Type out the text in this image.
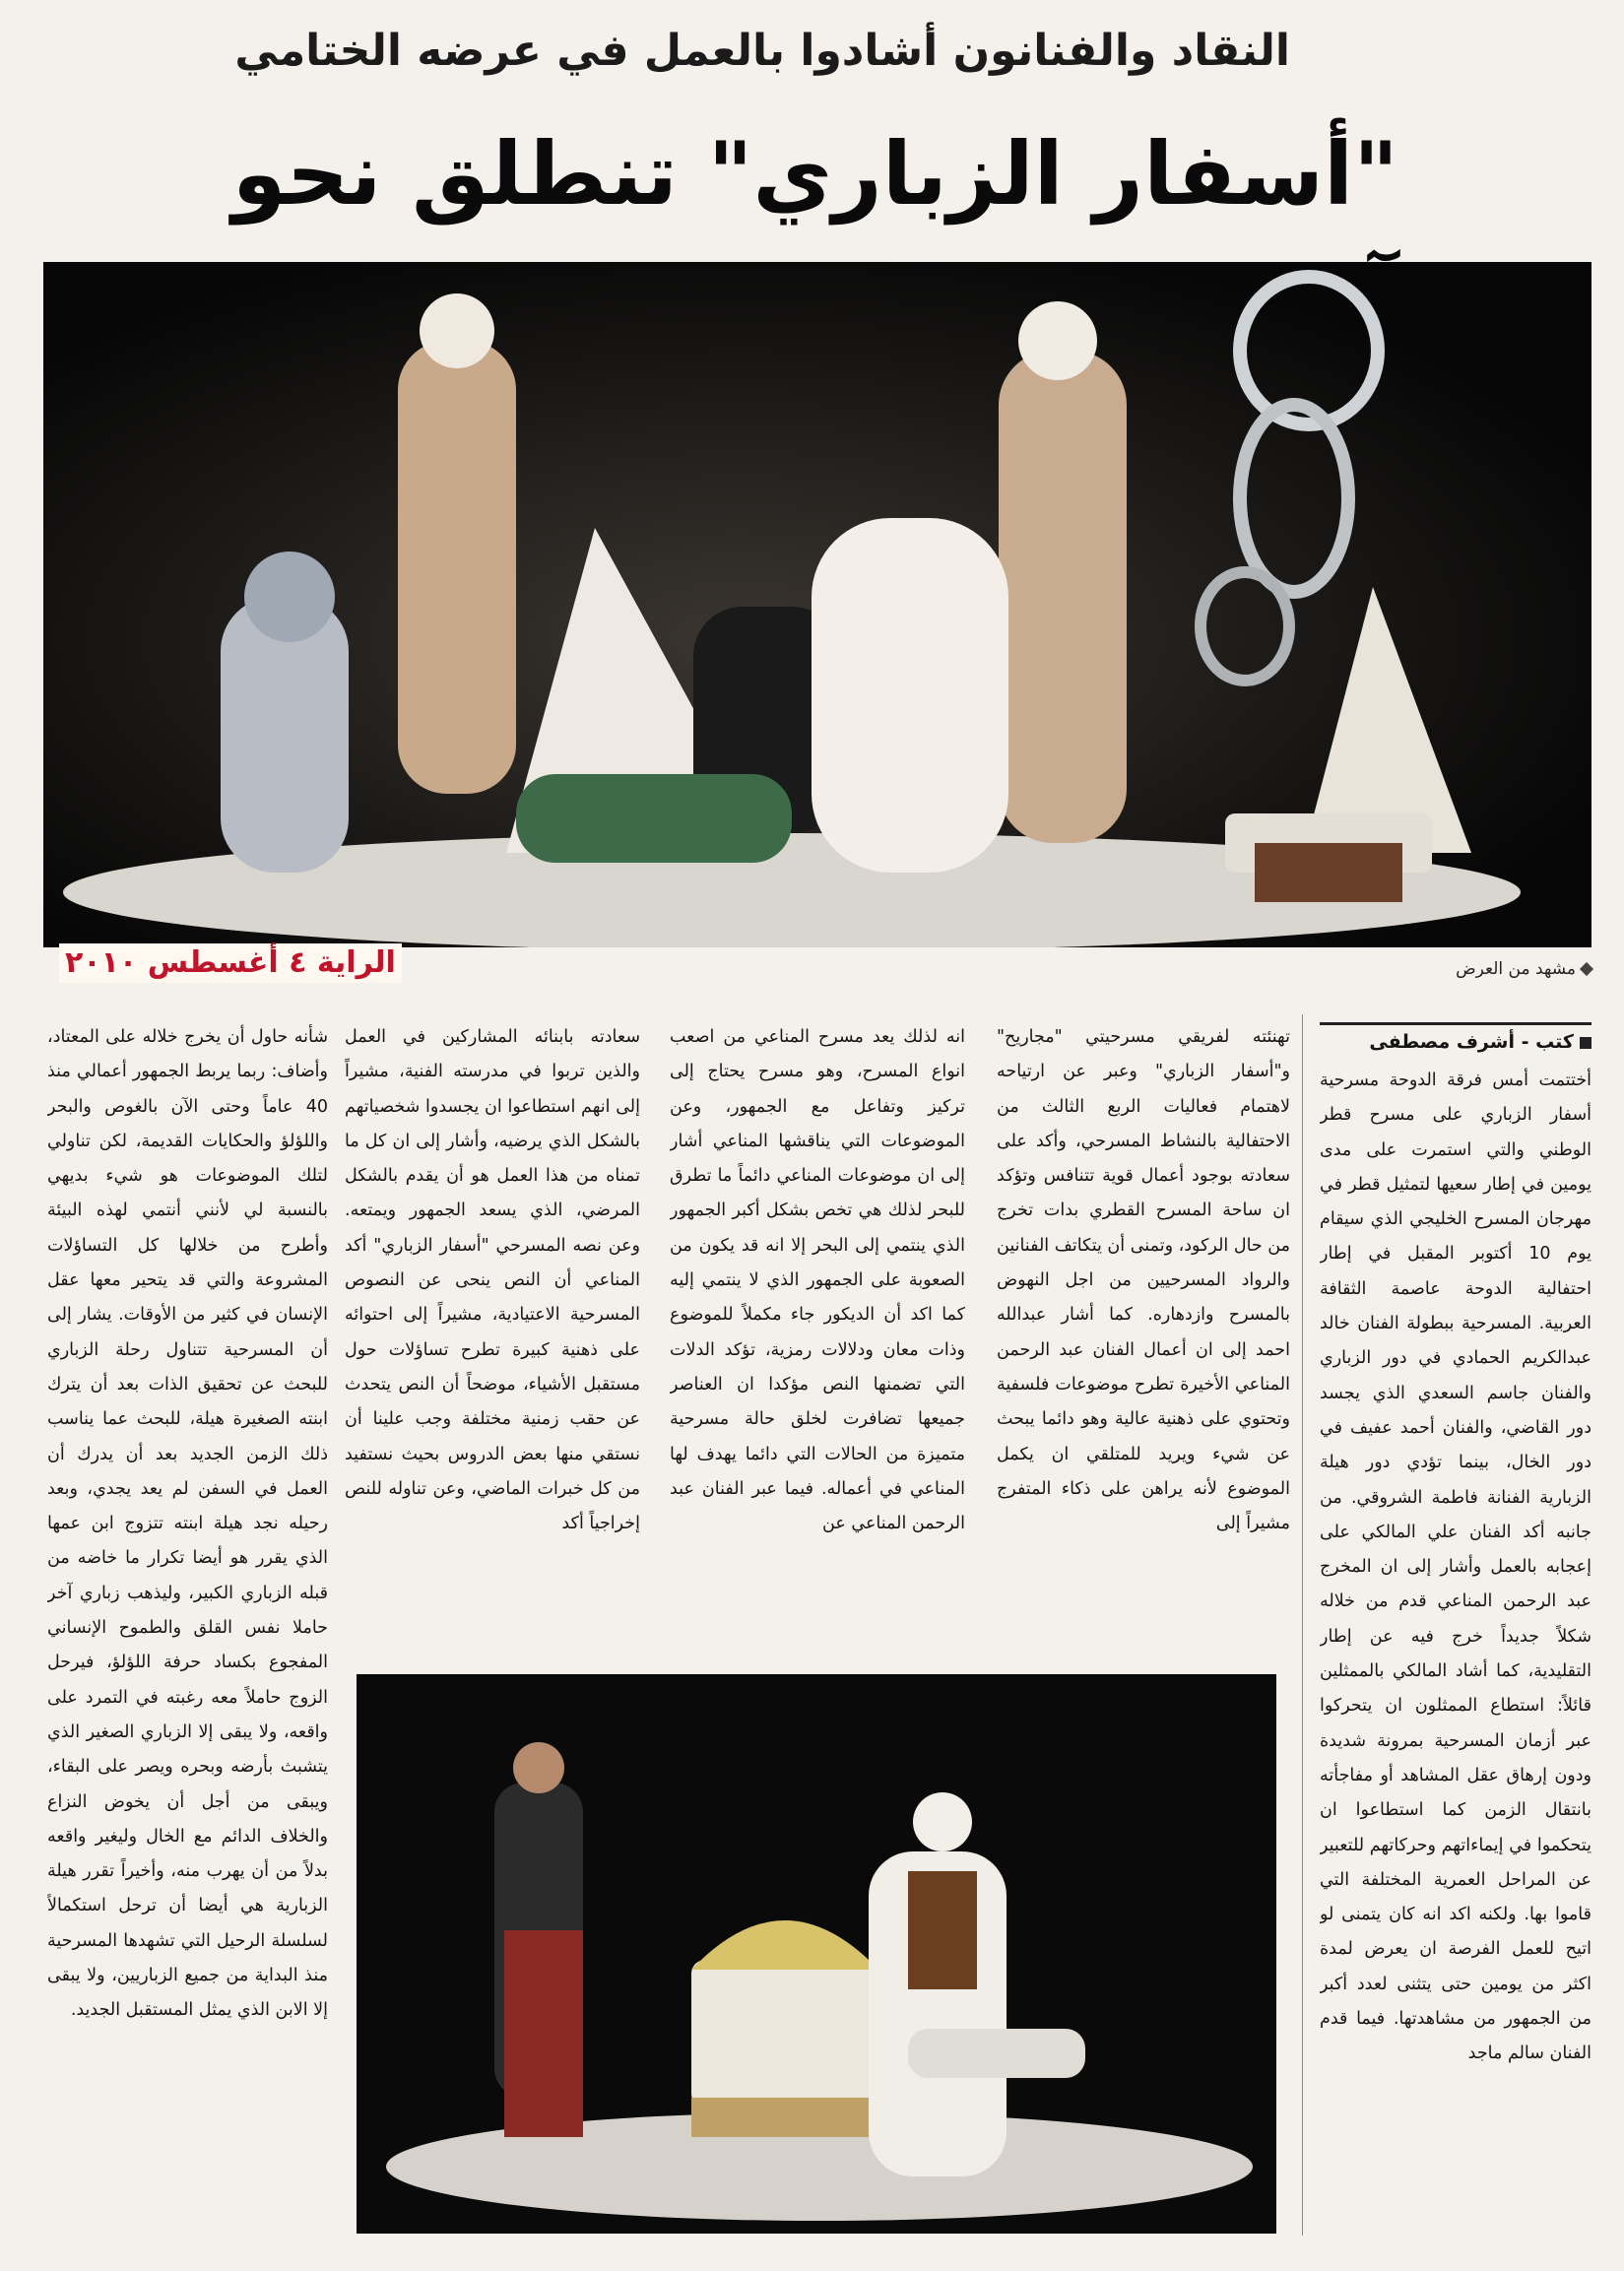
النقاد والفنانون أشادوا بالعمل في عرضه الختامي
"أسفار الزباري" تنطلق نحو
الراية ٤ أغسطس ٢٠١٠	مشهد من العرض
كتب - أشرف مصطفى

أختتمت أمس فرقة الدوحة مسرحية أسفار الزباري على مسرح قطر الوطني والتي استمرت على مدى يومين في إطار سعيها لتمثيل قطر في مهرجان المسرح الخليجي الذي سيقام يوم 10 أكتوبر المقبل في إطار احتفالية الدوحة عاصمة الثقافة العربية. المسرحية ببطولة الفنان خالد عبدالكريم الحمادي في دور الزباري والفنان جاسم السعدي الذي يجسد دور القاضي، والفنان أحمد عفيف في دور الخال، بينما تؤدي دور هيلة الزبارية الفنانة فاطمة الشروقي. من جانبه أكد الفنان علي المالكي على إعجابه بالعمل وأشار إلى ان المخرج عبد الرحمن المناعي قدم من خلاله شكلاً جديداً خرج فيه عن إطار التقليدية، كما أشاد المالكي بالممثلين قائلاً: استطاع الممثلون ان يتحركوا عبر أزمان المسرحية بمرونة شديدة ودون إرهاق عقل المشاهد أو مفاجأته بانتقال الزمن كما استطاعوا ان يتحكموا في إيماءاتهم وحركاتهم للتعبير عن المراحل العمرية المختلفة التي قاموا بها. ولكنه اكد انه كان يتمنى لو اتيح للعمل الفرصة ان يعرض لمدة اكثر من يومين حتى يتثنى لعدد أكبر من الجمهور من مشاهدتها. فيما قدم الفنان سالم ماجد

تهنئته لفريقي مسرحيتي "مجاريح" و"أسفار الزباري" وعبر عن ارتياحه لاهتمام فعاليات الربع الثالث من الاحتفالية بالنشاط المسرحي، وأكد على سعادته بوجود أعمال قوية تتنافس وتؤكد ان ساحة المسرح القطري بدات تخرج من حال الركود، وتمنى أن يتكاتف الفنانين والرواد المسرحيين من اجل النهوض بالمسرح وازدهاره. كما أشار عبدالله احمد إلى ان أعمال الفنان عبد الرحمن المناعي الأخيرة تطرح موضوعات فلسفية وتحتوي على ذهنية عالية وهو دائما يبحث عن شيء ويريد للمتلقي ان يكمل الموضوع لأنه يراهن على ذكاء المتفرج مشيراً إلى

انه لذلك يعد مسرح المناعي من اصعب انواع المسرح، وهو مسرح يحتاج إلى تركيز وتفاعل مع الجمهور، وعن الموضوعات التي يناقشها المناعي أشار إلى ان موضوعات المناعي دائماً ما تطرق للبحر لذلك هي تخص بشكل أكبر الجمهور الذي ينتمي إلى البحر إلا انه قد يكون من الصعوبة على الجمهور الذي لا ينتمي إليه كما اكد أن الديكور جاء مكملاً للموضوع وذات معان ودلالات رمزية، تؤكد الدلات التي تضمنها النص مؤكدا ان العناصر جميعها تضافرت لخلق حالة مسرحية متميزة من الحالات التي دائما يهدف لها المناعي في أعماله. فيما عبر الفنان عبد الرحمن المناعي عن

سعادته بابنائه المشاركين في العمل والذين تربوا في مدرسته الفنية، مشيراً إلى انهم استطاعوا ان يجسدوا شخصياتهم بالشكل الذي يرضيه، وأشار إلى ان كل ما تمناه من هذا العمل هو أن يقدم بالشكل المرضي، الذي يسعد الجمهور ويمتعه. وعن نصه المسرحي "أسفار الزباري" أكد المناعي أن النص ينحى عن النصوص المسرحية الاعتيادية، مشيراً إلى احتوائه على ذهنية كبيرة تطرح تساؤلات حول مستقبل الأشياء، موضحاً أن النص يتحدث عن حقب زمنية مختلفة وجب علينا أن نستقي منها بعض الدروس بحيث نستفيد من كل خبرات الماضي، وعن تناوله للنص إخراجياً أكد

شأنه حاول أن يخرج خلاله على المعتاد، وأضاف: ربما يربط الجمهور أعمالي منذ 40 عاماً وحتى الآن بالغوص والبحر واللؤلؤ والحكايات القديمة، لكن تناولي لتلك الموضوعات هو شيء بديهي بالنسبة لي لأنني أنتمي لهذه البيئة وأطرح من خلالها كل التساؤلات المشروعة والتي قد يتحير معها عقل الإنسان في كثير من الأوقات. يشار إلى أن المسرحية تتناول رحلة الزباري للبحث عن تحقيق الذات بعد أن يترك ابنته الصغيرة هيلة، للبحث عما يناسب ذلك الزمن الجديد بعد أن يدرك أن العمل في السفن لم يعد يجدي، وبعد رحيله نجد هيلة ابنته تتزوج ابن عمها الذي يقرر هو أيضا تكرار ما خاضه من قبله الزباري الكبير، وليذهب زباري آخر حاملا نفس القلق والطموح الإنساني المفجوع بكساد حرفة اللؤلؤ، فيرحل الزوج حاملاً معه رغبته في التمرد على واقعه، ولا يبقى إلا الزباري الصغير الذي يتشبث بأرضه وبحره ويصر على البقاء، ويبقى من أجل أن يخوض النزاع والخلاف الدائم مع الخال وليغير واقعه بدلاً من أن يهرب منه، وأخيراً تقرر هيلة الزبارية هي أيضا أن ترحل استكمالاً لسلسلة الرحيل التي تشهدها المسرحية منذ البداية من جميع الزباريين، ولا يبقى إلا الابن الذي يمثل المستقبل الجديد.
